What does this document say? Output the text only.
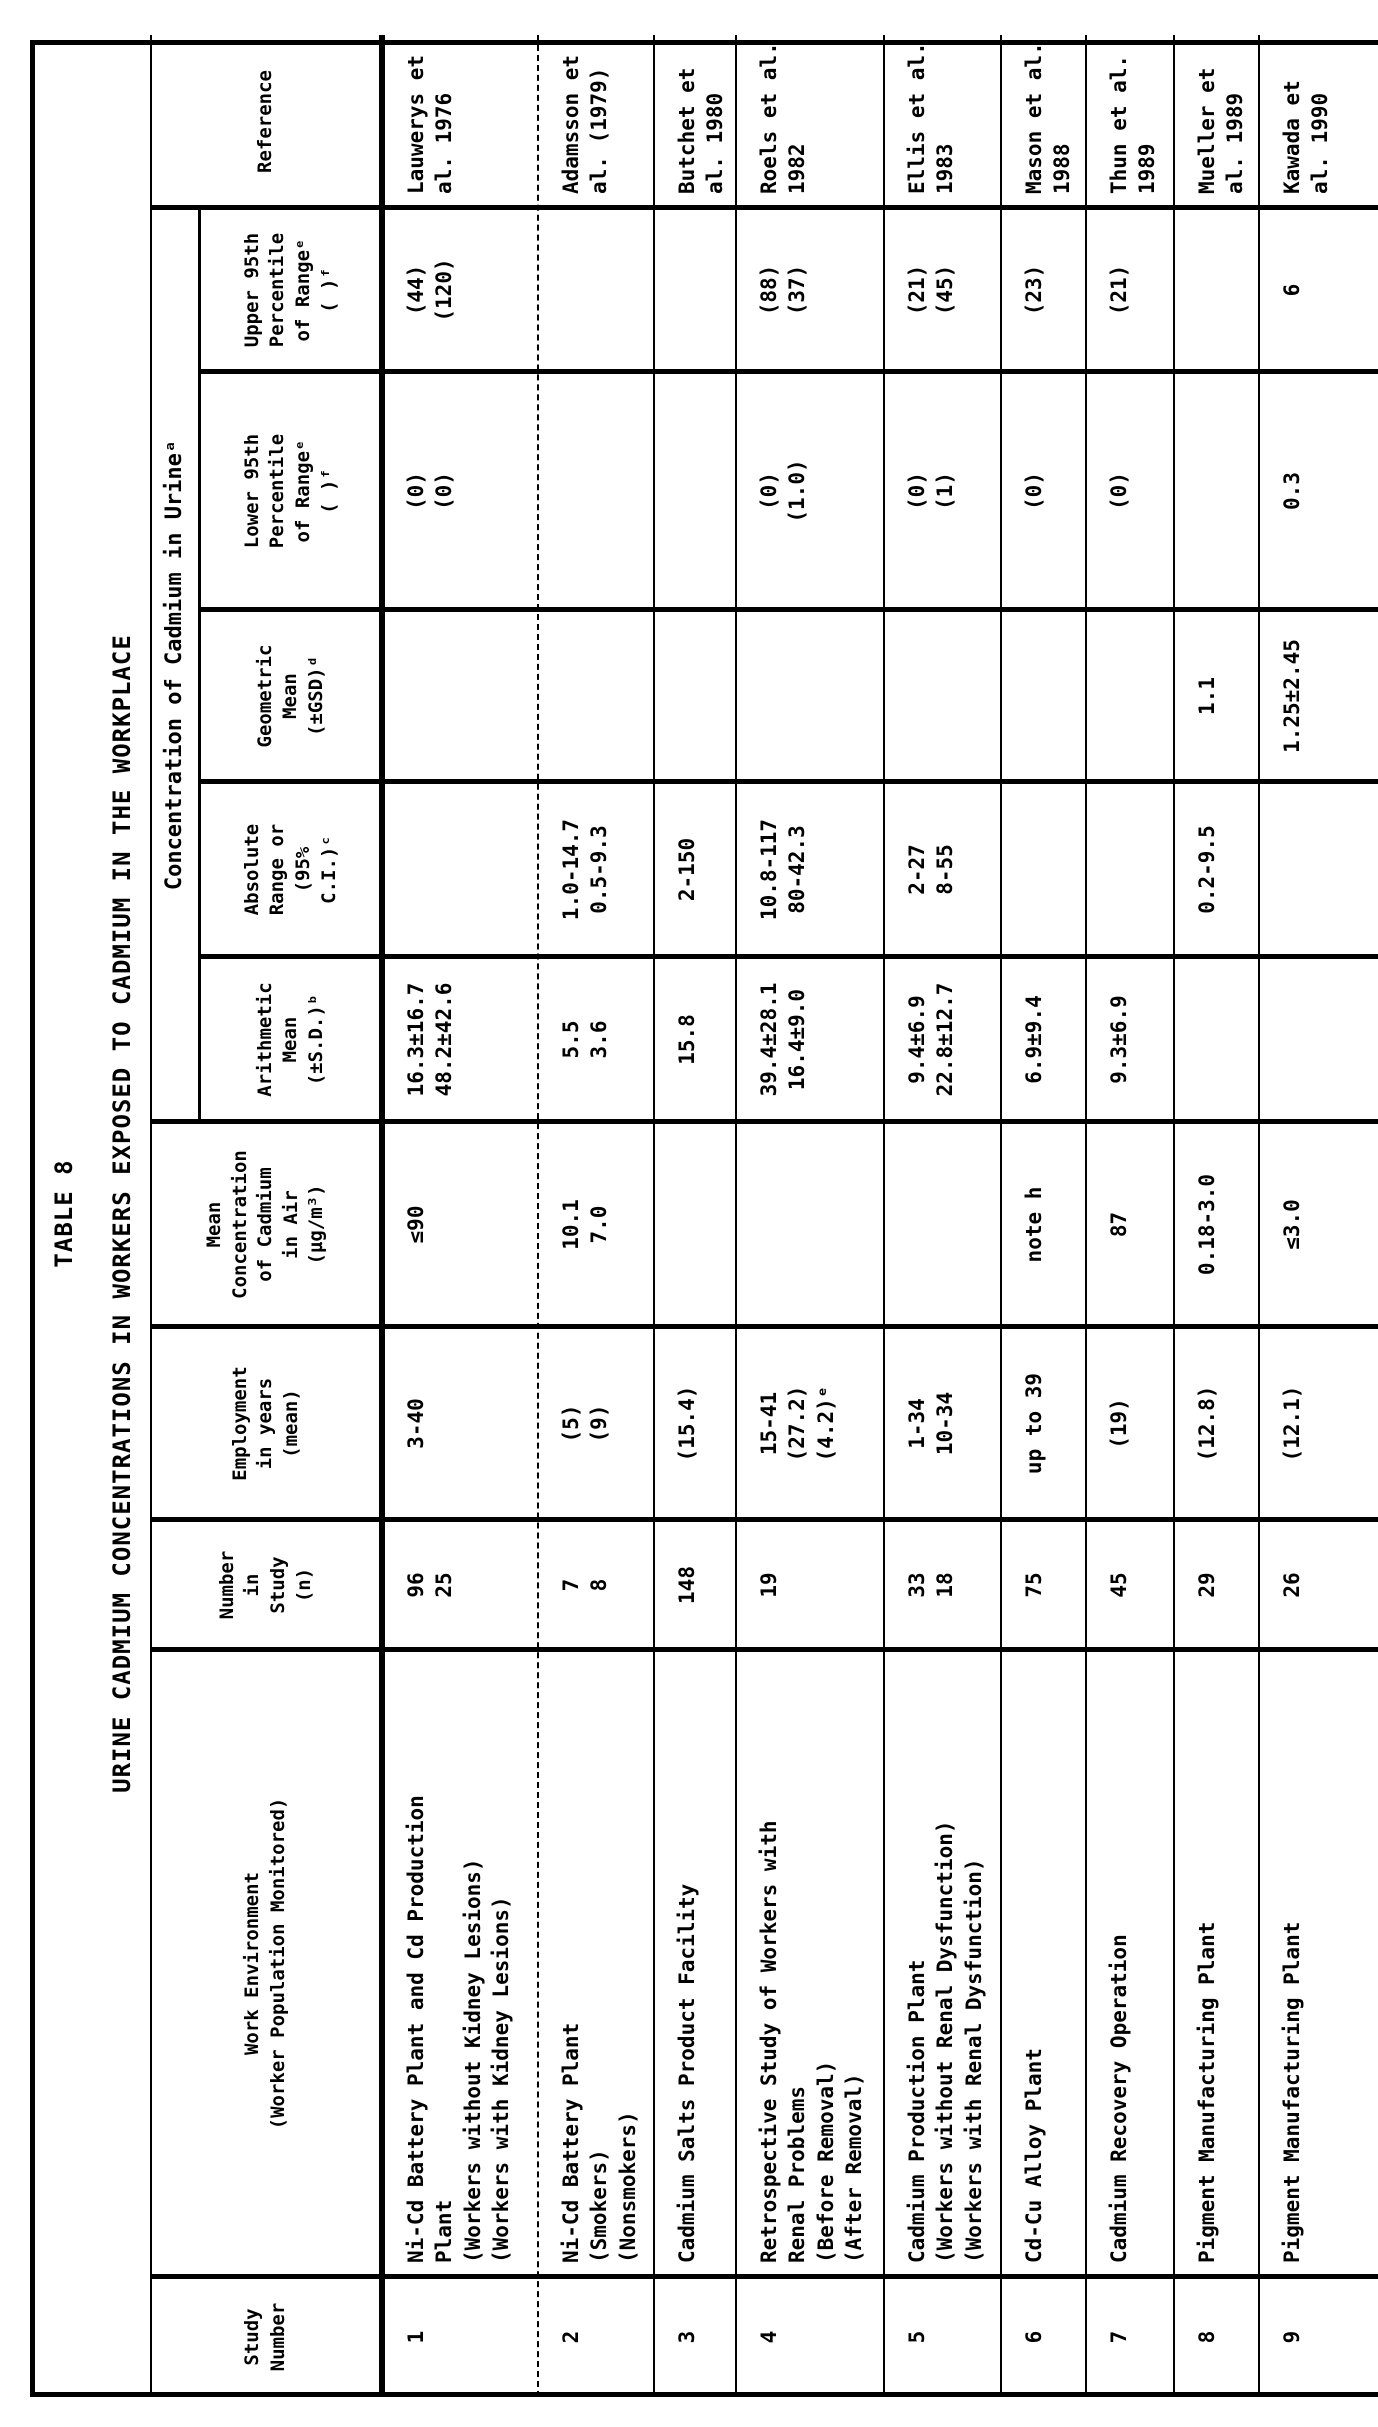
TABLE 8 URINE CADMIUM CONCENTRATIONS IN WORKERS EXPOSED TO CADMIUM IN THE WORKPLACE	Concentration of Cadmium in Urineᵃ
Study
Number
Work Environment
(Worker Population Monitored)
Number
in
Study
(n)
Employment
in years
(mean)
Mean
Concentration
of Cadmium
in Air
(µg/m³)
Arithmetic
Mean
(±S.D.)ᵇ
Absolute
Range or
(95%
C.I.)ᶜ
Geometric
Mean
(±GSD)ᵈ
Lower 95th
Percentile
of Rangeᵉ
( )ᶠ
Upper 95th
Percentile
of Rangeᵉ
( )ᶠ
Reference
1
Ni-Cd Battery Plant and Cd Production
Plant
(Workers without Kidney Lesions)
(Workers with Kidney Lesions)
96
25
3-40
≤90
16.3±16.7
48.2±42.6
(0)
(0)
(44)
(120)
Lauwerys et
al. 1976
2
Ni-Cd Battery Plant
(Smokers)
(Nonsmokers)
7
8
(5)
(9)
10.1
7.0
5.5
3.6
1.0-14.7
0.5-9.3
Adamsson et
al. (1979)
3
Cadmium Salts Product Facility
148
(15.4)
15.8
2-150
Butchet et
al. 1980
4
Retrospective Study of Workers with
Renal Problems
(Before Removal)
(After Removal)
19
15-41
(27.2)
(4.2)ᵉ
39.4±28.1
16.4±9.0
10.8-117
80-42.3
(0)
(1.0)
(88)
(37)
Roels et al.
1982
5
Cadmium Production Plant
(Workers without Renal Dysfunction)
(Workers with Renal Dysfunction)
33
18
1-34
10-34
9.4±6.9
22.8±12.7
2-27
8-55
(0)
(1)
(21)
(45)
Ellis et al.
1983
6
Cd-Cu Alloy Plant
75
up to 39
note h
6.9±9.4
(0)
(23)
Mason et al.
1988
7
Cadmium Recovery Operation
45
(19)
87
9.3±6.9
(0)
(21)
Thun et al.
1989
8
Pigment Manufacturing Plant
29
(12.8)
0.18-3.0
0.2-9.5
1.1
Mueller et
al. 1989
9
Pigment Manufacturing Plant
26
(12.1)
≤3.0
1.25±2.45
0.3
6
Kawada et
al. 1990
